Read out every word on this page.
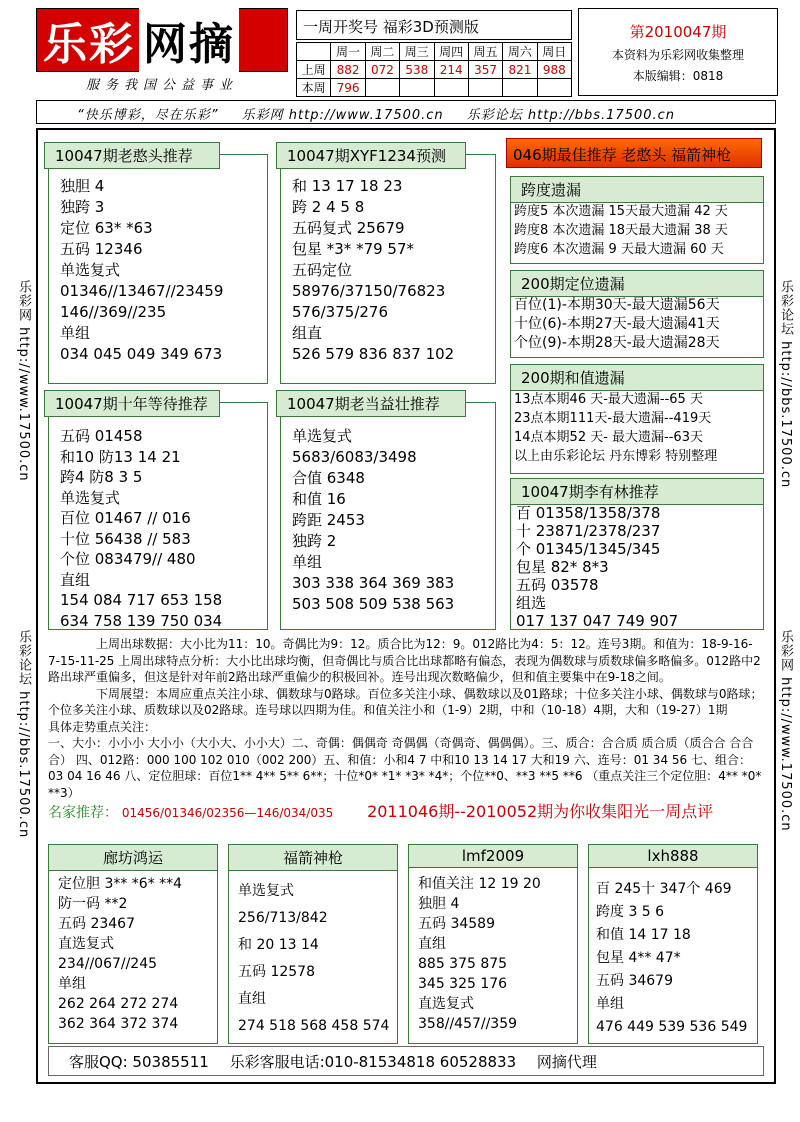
乐彩 网摘
服务我国公益事业
一周开奖号 福彩3D预测版
	周一	周二	周三	周四	周五	周六	周日
上周	882	072	538	214	357	821	988
本周	796						
第2010047期
本资料为乐彩网收集整理
本版编辑：0818
“快乐博彩，尽在乐彩” 乐彩网 http://www.17500.cn 乐彩论坛 http://bbs.17500.cn
乐彩网 http://www.17500.cn
乐彩论坛 http://bbs.17500.cn
乐彩论坛 http://bbs.17500.cn
乐彩网 http://www.17500.cn
10047期老憨头推荐
独胆 4
独跨 3
定位 63* *63
五码 12346
单选复式
01346//13467//23459
146//369//235
单组
034 045 049 349 673
10047期XYF1234预测
和 13 17 18 23
跨 2 4 5 8
五码复式 25679
包星 *3* *79 57*
五码定位
58976/37150/76823
576/375/276
组直
526 579 836 837 102
10047期十年等待推荐
五码 01458
和10 防13 14 21
跨4 防8 3 5
单选复式
百位 01467 // 016
十位 56438 // 583
个位 083479// 480
直组
154 084 717 653 158
634 758 139 750 034
10047期老当益壮推荐
单选复式
5683/6083/3498
合值 6348
和值 16
跨距 2453
独跨 2
单组
303 338 364 369 383
503 508 509 538 563
046期最佳推荐 老憨头 福箭神枪
跨度遗漏
跨度5 本次遗漏 15天最大遗漏 42 天
跨度8 本次遗漏 18天最大遗漏 38 天
跨度6 本次遗漏 9 天最大遗漏 60 天
200期定位遗漏
百位(1)-本期30天-最大遗漏56天
十位(6)-本期27天-最大遗漏41天
个位(9)-本期28天-最大遗漏28天
200期和值遗漏
13点本期46 天-最大遗漏--65 天
23点本期111天-最大遗漏--419天
14点本期52 天- 最大遗漏--63天
以上由乐彩论坛 丹东博彩 特别整理
10047期李有林推荐
百 01358/1358/378
十 23871/2378/237
个 01345/1345/345
包星 82* 8*3
五码 03578
组选
017 137 047 749 907
上周出球数据：大小比为11：10。奇偶比为9：12。质合比为12：9。012路比为4：5：12。连号3期。和值为：18-9-16-7-15-11-25 上周出球特点分析：大小比出球均衡，但奇偶比与质合比出球都略有偏态，表现为偶数球与质数球偏多略偏多。012路中2路出球严重偏多，但这是针对年前2路出球严重偏少的积极回补。连号出现次数略偏少，但和值主要集中在9-18之间。
下周展望：本周应重点关注小球、偶数球与0路球。百位多关注小球、偶数球以及01路球；十位多关注小球、偶数球与0路球；个位多关注小球、质数球以及02路球。连号球以四期为佳。和值关注小和（1-9）2期，中和（10-18）4期，大和（19-27）1期
具体走势重点关注：
一、大小：小小小 大小小（大小大、小小大）二、奇偶：偶偶奇 奇偶偶（奇偶奇、偶偶偶）。三、质合：合合质 质合质（质合合 合合合） 四、012路：000 100 102 010（002 200）五、和值：小和4 7 中和10 13 14 17 大和19 六、连号：01 34 56 七、组合：03 04 16 46 八、定位胆球：百位1** 4** 5** 6**；十位*0* *1* *3* *4*；个位**0、**3 **5 **6 （重点关注三个定位胆：4** *0* **3）
名家推荐： 01456/01346/02356—146/034/035 2011046期--2010052期为你收集阳光一周点评
廊坊鸿运
定位胆 3** *6* **4
防一码 **2
五码 23467
直选复式
234//067//245
单组
262 264 272 274
362 364 372 374
福箭神枪
单选复式
256/713/842
和 20 13 14
五码 12578
直组
274 518 568 458 574
lmf2009
和值关注 12 19 20
独胆 4
五码 34589
直组
885 375 875
345 325 176
直选复式
358//457//359
lxh888
百 245十 347个 469
跨度 3 5 6
和值 14 17 18
包星 4** 47*
五码 34679
单组
476 449 539 536 549
客服QQ: 50385511 乐彩客服电话:010-81534818 60528833 网摘代理
